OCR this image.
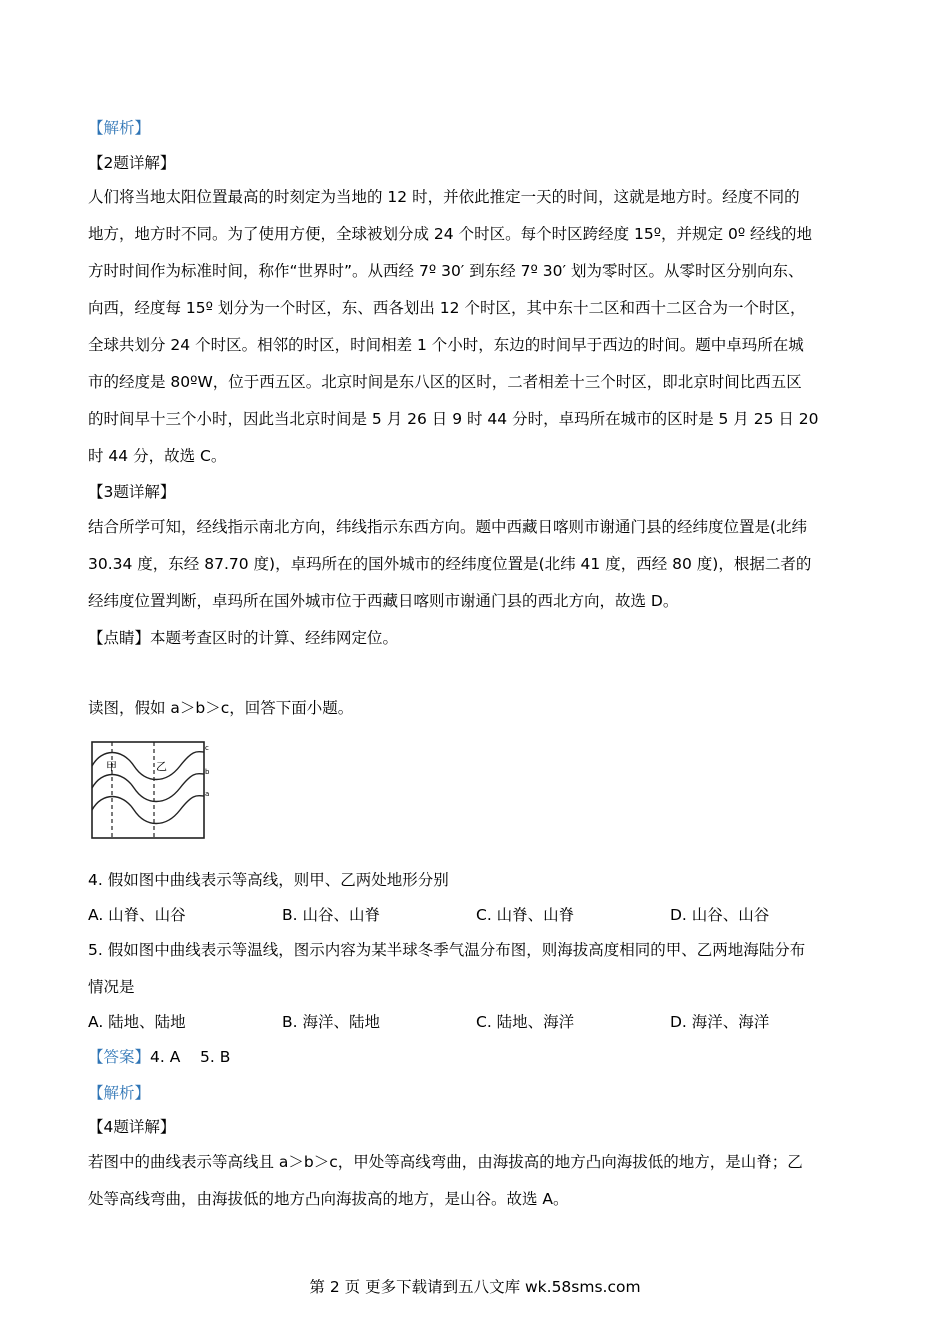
【解析】
【2题详解】
人们将当地太阳位置最高的时刻定为当地的 12 时，并依此推定一天的时间，这就是地方时。经度不同的
地方，地方时不同。为了使用方便，全球被划分成 24 个时区。每个时区跨经度 15º，并规定 0º 经线的地
方时时间作为标准时间，称作“世界时”。从西经 7º 30′ 到东经 7º 30′ 划为零时区。从零时区分别向东、
向西，经度每 15º 划分为一个时区，东、西各划出 12 个时区，其中东十二区和西十二区合为一个时区，
全球共划分 24 个时区。相邻的时区，时间相差 1 个小时，东边的时间早于西边的时间。题中卓玛所在城
市的经度是 80ºW，位于西五区。北京时间是东八区的区时，二者相差十三个时区，即北京时间比西五区
的时间早十三个小时，因此当北京时间是 5 月 26 日 9 时 44 分时，卓玛所在城市的区时是 5 月 25 日 20
时 44 分，故选 C。
【3题详解】
结合所学可知，经线指示南北方向，纬线指示东西方向。题中西藏日喀则市谢通门县的经纬度位置是(北纬
30.34 度，东经 87.70 度)，卓玛所在的国外城市的经纬度位置是(北纬 41 度，西经 80 度)，根据二者的
经纬度位置判断，卓玛所在国外城市位于西藏日喀则市谢通门县的西北方向，故选 D。
【点睛】本题考查区时的计算、经纬网定位。
读图，假如 a＞b＞c，回答下面小题。
甲	乙
c
b
a
4. 假如图中曲线表示等高线，则甲、乙两处地形分别
A. 山脊、山谷	B. 山谷、山脊	C. 山脊、山脊	D. 山谷、山谷
5. 假如图中曲线表示等温线，图示内容为某半球冬季气温分布图，则海拔高度相同的甲、乙两地海陆分布
情况是
A. 陆地、陆地	B. 海洋、陆地	C. 陆地、海洋	D. 海洋、海洋
【答案】4. A    5. B
【解析】
【4题详解】
若图中的曲线表示等高线且 a＞b＞c，甲处等高线弯曲，由海拔高的地方凸向海拔低的地方，是山脊；乙
处等高线弯曲，由海拔低的地方凸向海拔高的地方，是山谷。故选 A。
第 2 页 更多下载请到五八文库 wk.58sms.com
